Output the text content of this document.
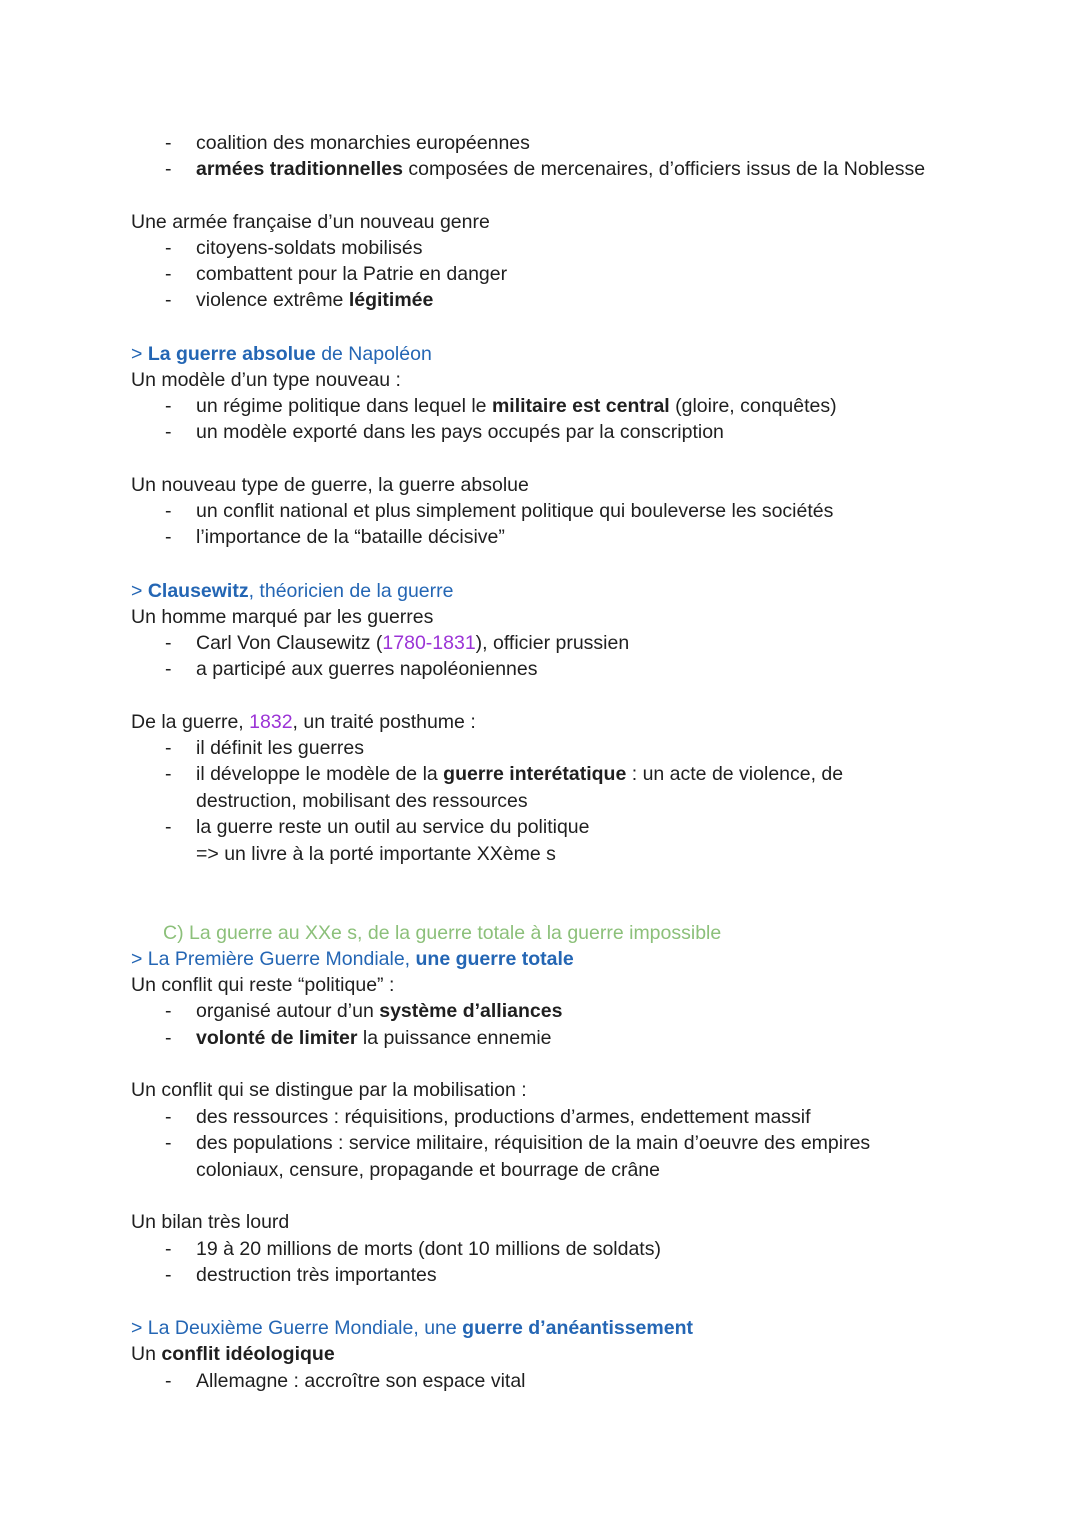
- coalition des monarchies européennes
- armées traditionnelles composées de mercenaires, d’officiers issus de la Noblesse
Une armée française d’un nouveau genre
- citoyens-soldats mobilisés
- combattent pour la Patrie en danger
- violence extrême légitimée
> La guerre absolue de Napoléon
Un modèle d’un type nouveau :
- un régime politique dans lequel le militaire est central (gloire, conquêtes)
- un modèle exporté dans les pays occupés par la conscription
Un nouveau type de guerre, la guerre absolue
- un conflit national et plus simplement politique qui bouleverse les sociétés
- l’importance de la “bataille décisive”
> Clausewitz, théoricien de la guerre
Un homme marqué par les guerres
- Carl Von Clausewitz (1780-1831), officier prussien
- a participé aux guerres napoléoniennes
De la guerre, 1832, un traité posthume :
- il définit les guerres
- il développe le modèle de la guerre interétatique : un acte de violence, de
destruction, mobilisant des ressources
- la guerre reste un outil au service du politique
=> un livre à la porté importante XXème s
C) La guerre au XXe s, de la guerre totale à la guerre impossible
> La Première Guerre Mondiale, une guerre totale
Un conflit qui reste “politique” :
- organisé autour d’un système d’alliances
- volonté de limiter la puissance ennemie
Un conflit qui se distingue par la mobilisation :
- des ressources : réquisitions, productions d’armes, endettement massif
- des populations : service militaire, réquisition de la main d’oeuvre des empires
coloniaux, censure, propagande et bourrage de crâne
Un bilan très lourd
- 19 à 20 millions de morts (dont 10 millions de soldats)
- destruction très importantes
> La Deuxième Guerre Mondiale, une guerre d’anéantissement
Un conflit idéologique
- Allemagne : accroître son espace vital
